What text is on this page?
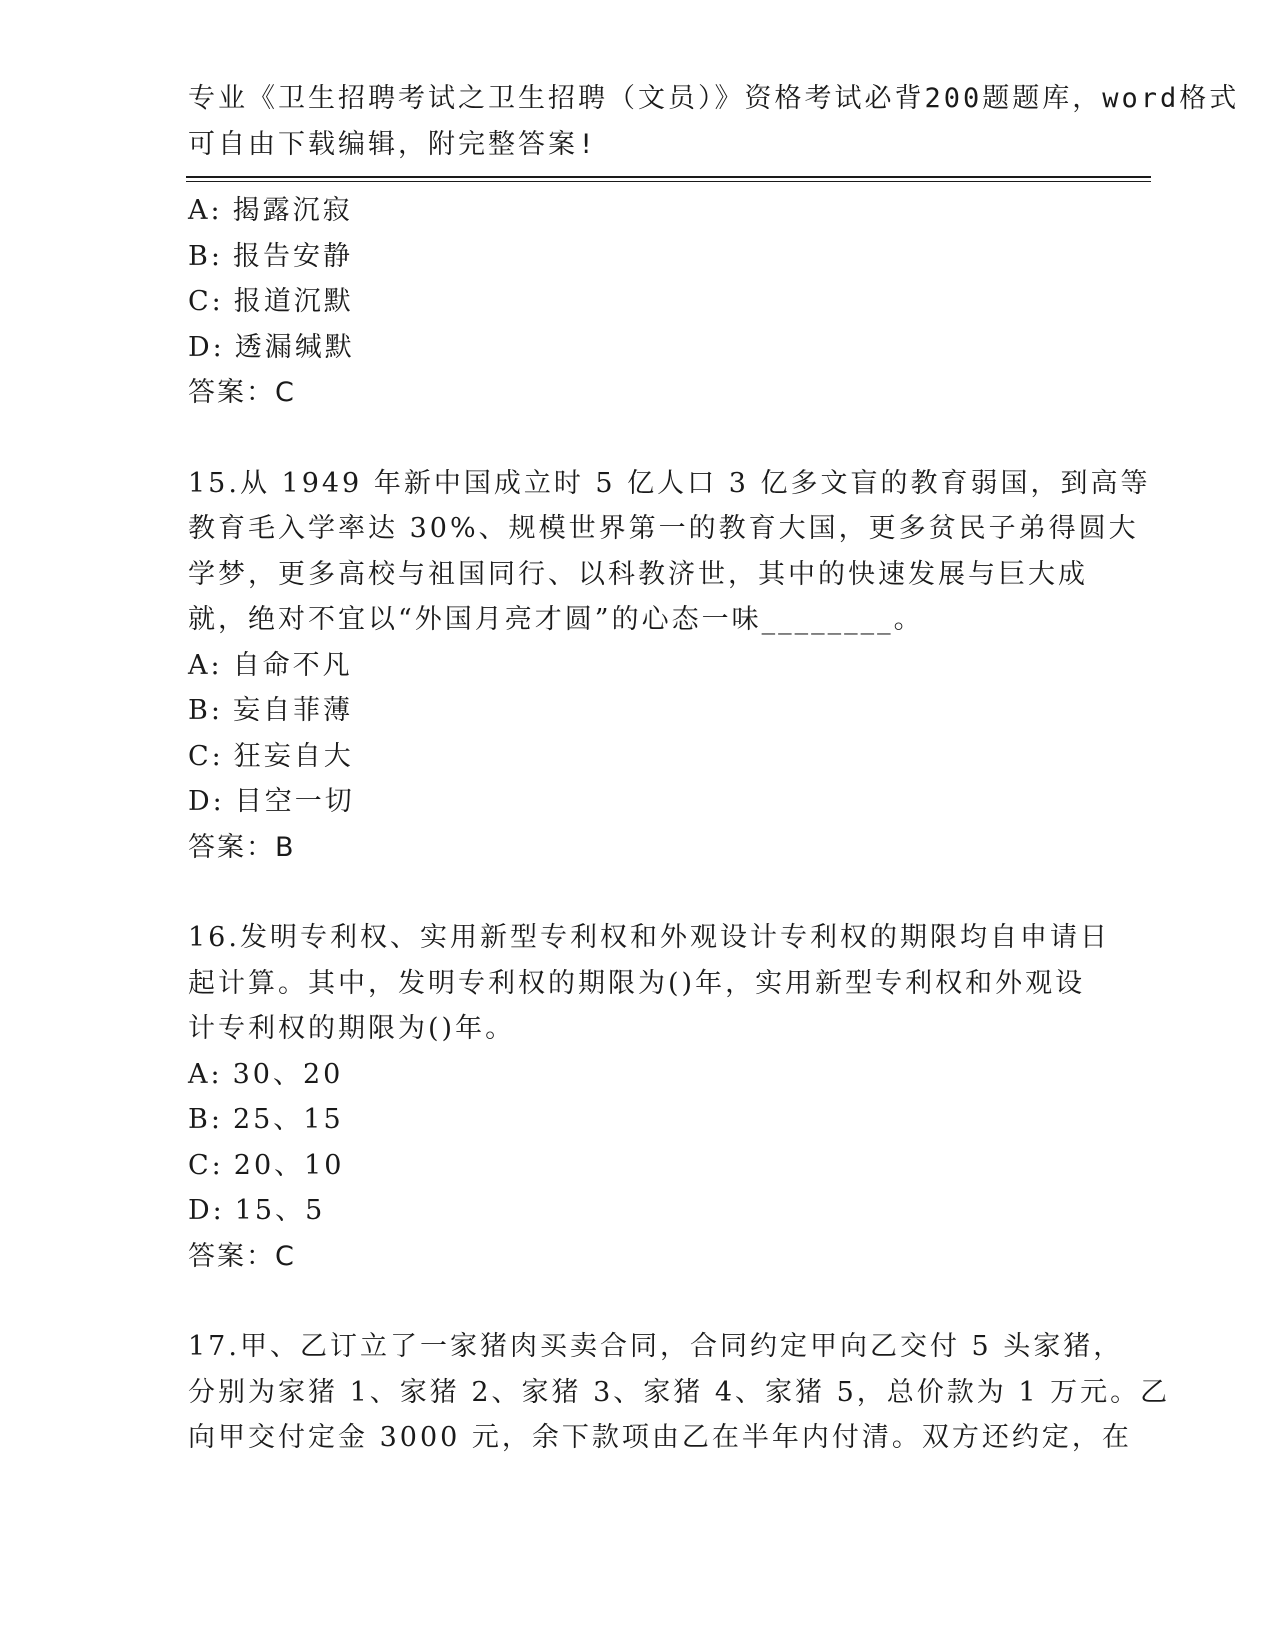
专业《卫生招聘考试之卫生招聘（文员）》资格考试必背200题题库，word格式
可自由下载编辑，附完整答案!
A: 揭露沉寂
B: 报告安静
C: 报道沉默
D: 透漏缄默
答案：C
15.从 1949 年新中国成立时 5 亿人口 3 亿多文盲的教育弱国，到高等
教育毛入学率达 30%、规模世界第一的教育大国，更多贫民子弟得圆大
学梦，更多高校与祖国同行、以科教济世，其中的快速发展与巨大成
就，绝对不宜以“外国月亮才圆”的心态一味________。
A: 自命不凡
B: 妄自菲薄
C: 狂妄自大
D: 目空一切
答案：B
16.发明专利权、实用新型专利权和外观设计专利权的期限均自申请日
起计算。其中，发明专利权的期限为()年，实用新型专利权和外观设
计专利权的期限为()年。
A: 30、20
B: 25、15
C: 20、10
D: 15、5
答案：C
17.甲、乙订立了一家猪肉买卖合同，合同约定甲向乙交付 5 头家猪，
分别为家猪 1、家猪 2、家猪 3、家猪 4、家猪 5，总价款为 1 万元。乙
向甲交付定金 3000 元，余下款项由乙在半年内付清。双方还约定，在
